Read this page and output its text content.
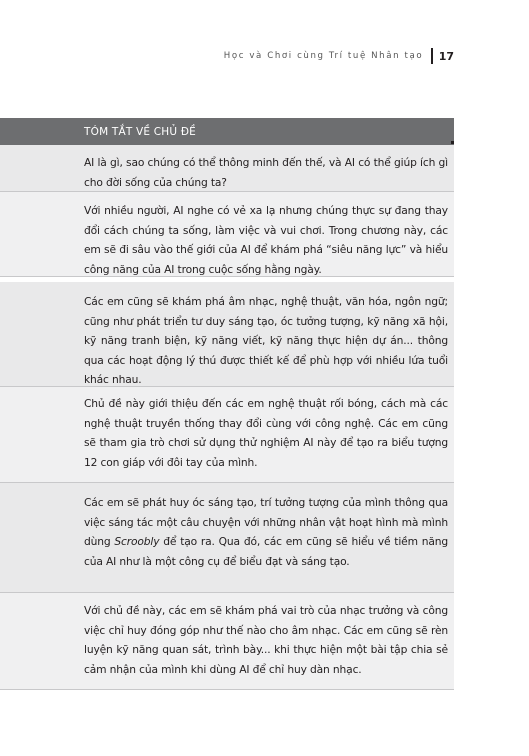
Học và Chơi cùng Trí tuệ Nhân tạo 17
TÓM TẮT VỀ CHỦ ĐỀ

AI là gì, sao chúng có thể thông minh đến thế, và AI có thể giúp ích gì cho đời sống của chúng ta?

Với nhiều người, AI nghe có vẻ xa lạ nhưng chúng thực sự đang thay đổi cách chúng ta sống, làm việc và vui chơi. Trong chương này, các em sẽ đi sâu vào thế giới của AI để khám phá “siêu năng lực” và hiểu công năng của AI trong cuộc sống hằng ngày.

Các em cũng sẽ khám phá âm nhạc, nghệ thuật, văn hóa, ngôn ngữ; cũng như phát triển tư duy sáng tạo, óc tưởng tượng, kỹ năng xã hội, kỹ năng tranh biện, kỹ năng viết, kỹ năng thực hiện dự án... thông qua các hoạt động lý thú được thiết kế để phù hợp với nhiều lứa tuổi khác nhau.

Chủ đề này giới thiệu đến các em nghệ thuật rối bóng, cách mà các nghệ thuật truyền thống thay đổi cùng với công nghệ. Các em cũng sẽ tham gia trò chơi sử dụng thử nghiệm AI này để tạo ra biểu tượng 12 con giáp với đôi tay của mình.

Các em sẽ phát huy óc sáng tạo, trí tưởng tượng của mình thông qua việc sáng tác một câu chuyện với những nhân vật hoạt hình mà mình dùng Scroobly để tạo ra. Qua đó, các em cũng sẽ hiểu về tiềm năng của AI như là một công cụ để biểu đạt và sáng tạo.

Với chủ đề này, các em sẽ khám phá vai trò của nhạc trưởng và công việc chỉ huy đóng góp như thế nào cho âm nhạc. Các em cũng sẽ rèn luyện kỹ năng quan sát, trình bày... khi thực hiện một bài tập chia sẻ cảm nhận của mình khi dùng AI để chỉ huy dàn nhạc.
